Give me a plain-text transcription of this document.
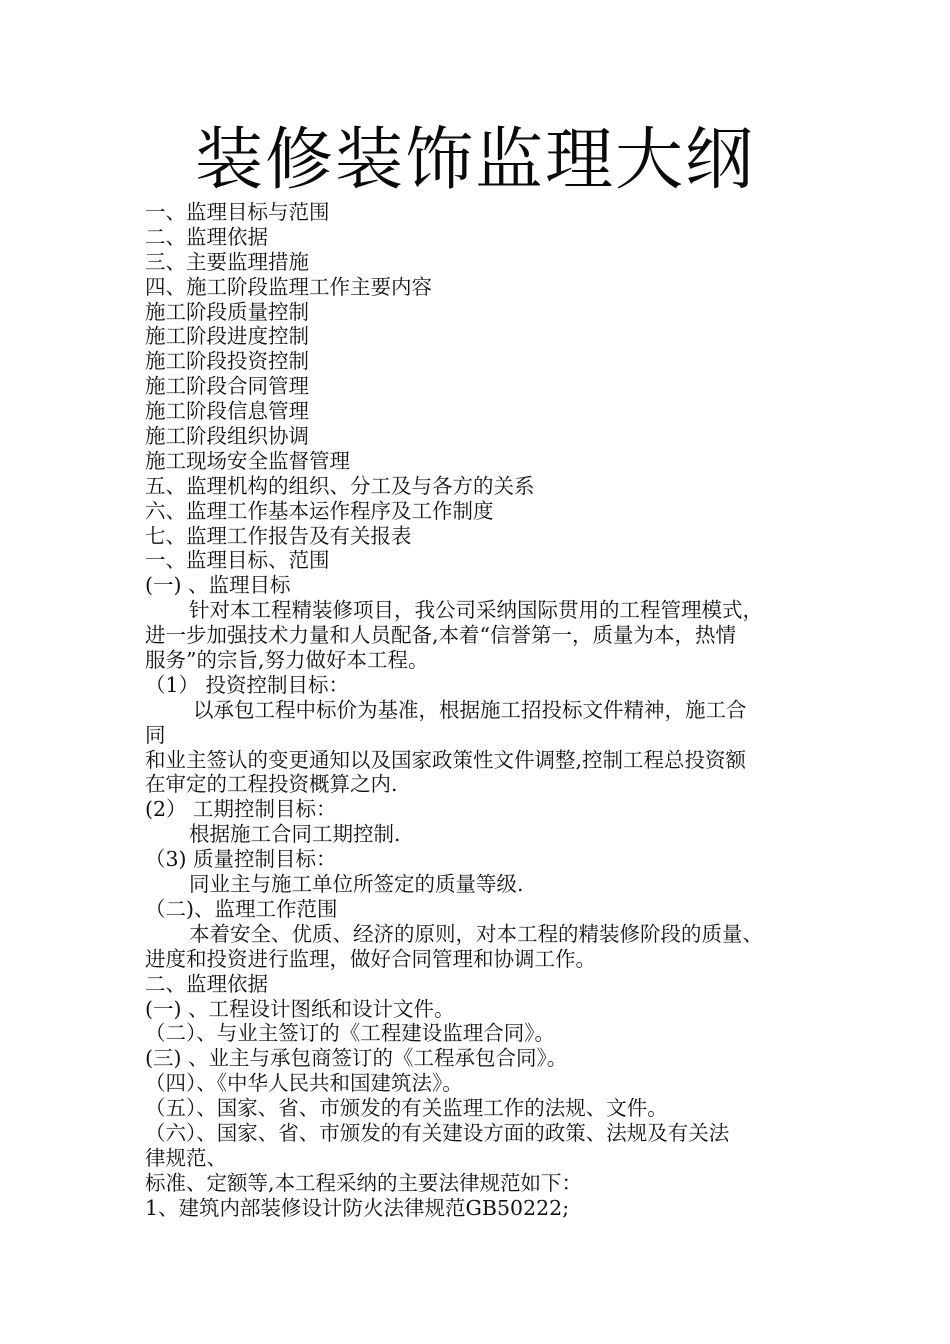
装修装饰监理大纲
一、监理目标与范围
二、监理依据
三、主要监理措施
四、施工阶段监理工作主要内容
施工阶段质量控制
施工阶段进度控制
施工阶段投资控制
施工阶段合同管理
施工阶段信息管理
施工阶段组织协调
施工现场安全监督管理
五、监理机构的组织、分工及与各方的关系
六、监理工作基本运作程序及工作制度
七、监理工作报告及有关报表
一、监理目标、范围
(一) 、监理目标
针对本工程精装修项目，我公司采纳国际贯用的工程管理模式，
进一步加强技术力量和人员配备,本着“信誉第一，质量为本，热情
服务”的宗旨,努力做好本工程。
（1） 投资控制目标：
以承包工程中标价为基准，根据施工招投标文件精神，施工合
同
和业主签认的变更通知以及国家政策性文件调整,控制工程总投资额
在审定的工程投资概算之内.
(2） 工期控制目标：
根据施工合同工期控制.
（3) 质量控制目标：
同业主与施工单位所签定的质量等级.
（二)、监理工作范围
本着安全、优质、经济的原则，对本工程的精装修阶段的质量、
进度和投资进行监理，做好合同管理和协调工作。
二、监理依据
(一) 、工程设计图纸和设计文件。
（二）、与业主签订的《工程建设监理合同》。
(三) 、业主与承包商签订的《工程承包合同》。
（四）、《中华人民共和国建筑法》。
（五）、国家、省、市颁发的有关监理工作的法规、文件。
（六）、国家、省、市颁发的有关建设方面的政策、法规及有关法
律规范、
标准、定额等,本工程采纳的主要法律规范如下：
1、建筑内部装修设计防火法律规范GB50222;
